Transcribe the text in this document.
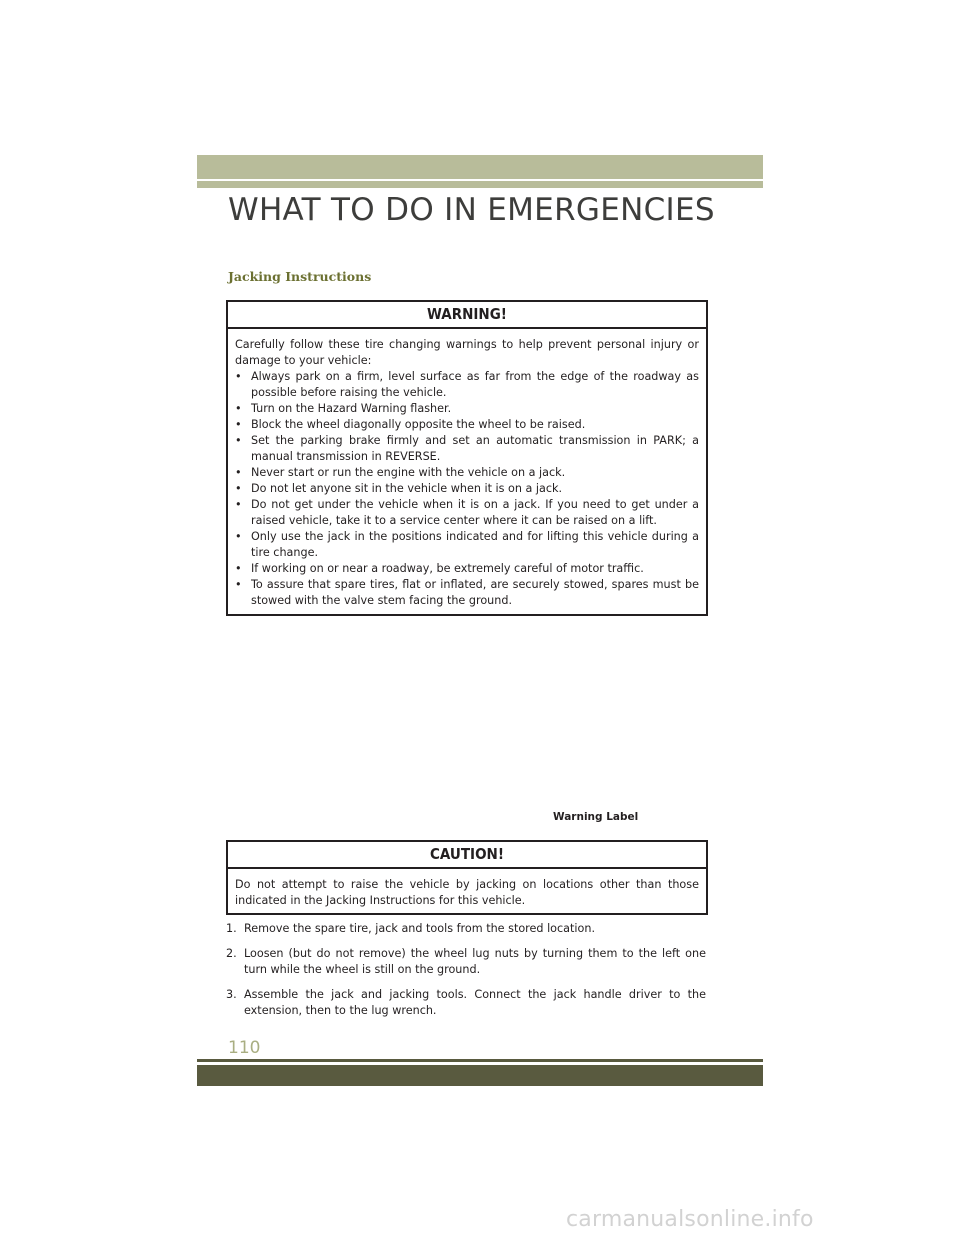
WHAT TO DO IN EMERGENCIES
Jacking Instructions
WARNING!

Carefully follow these tire changing warnings to help prevent personal injury or damage to your vehicle:

• Always park on a firm, level surface as far from the edge of the roadway as possible before raising the vehicle.
• Turn on the Hazard Warning flasher.
• Block the wheel diagonally opposite the wheel to be raised.
• Set the parking brake firmly and set an automatic transmission in PARK; a manual transmission in REVERSE.
• Never start or run the engine with the vehicle on a jack.
• Do not let anyone sit in the vehicle when it is on a jack.
• Do not get under the vehicle when it is on a jack. If you need to get under a raised vehicle, take it to a service center where it can be raised on a lift.
• Only use the jack in the positions indicated and for lifting this vehicle during a tire change.
• If working on or near a roadway, be extremely careful of motor traffic.
• To assure that spare tires, flat or inflated, are securely stowed, spares must be stowed with the valve stem facing the ground.
Warning Label
CAUTION!

Do not attempt to raise the vehicle by jacking on locations other than those indicated in the Jacking Instructions for this vehicle.

1. Remove the spare tire, jack and tools from the stored location.
2. Loosen (but do not remove) the wheel lug nuts by turning them to the left one turn while the wheel is still on the ground.
3. Assemble the jack and jacking tools. Connect the jack handle driver to the extension, then to the lug wrench.
110
carmanualsonline.info
